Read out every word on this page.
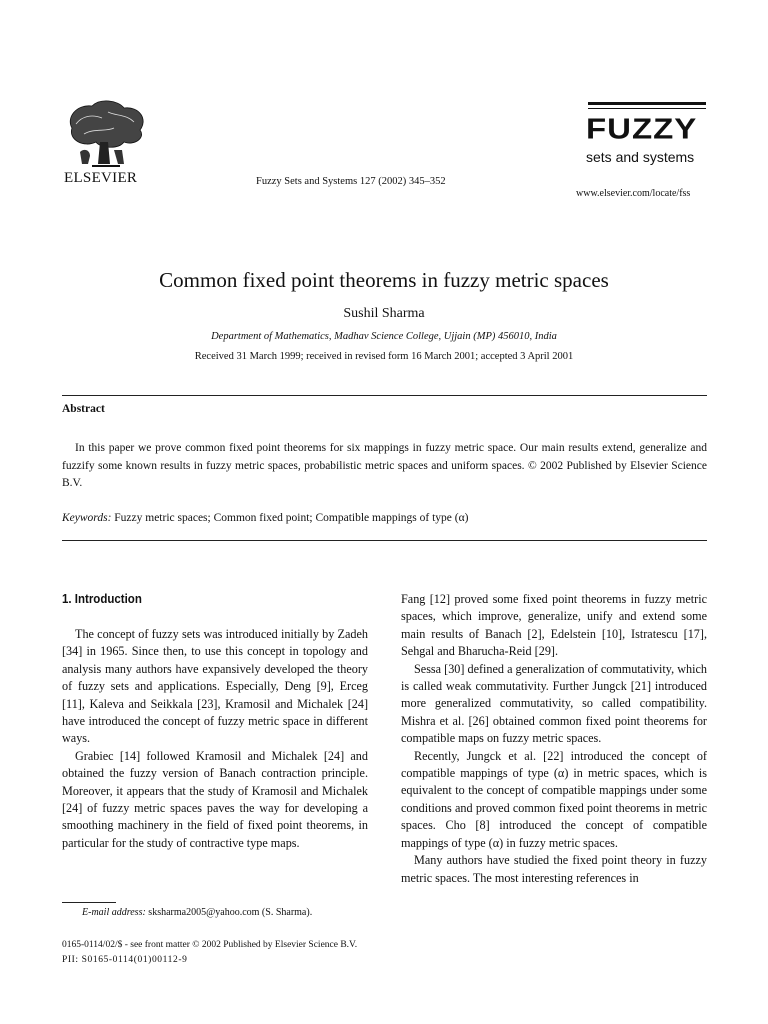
ELSEVIER	Fuzzy Sets and Systems 127 (2002) 345–352
FUZZY
sets and systems
www.elsevier.com/locate/fss
Common fixed point theorems in fuzzy metric spaces
Sushil Sharma
Department of Mathematics, Madhav Science College, Ujjain (MP) 456010, India
Received 31 March 1999; received in revised form 16 March 2001; accepted 3 April 2001
Abstract
In this paper we prove common fixed point theorems for six mappings in fuzzy metric space. Our main results extend, generalize and fuzzify some known results in fuzzy metric spaces, probabilistic metric spaces and uniform spaces. © 2002 Published by Elsevier Science B.V.
Keywords: Fuzzy metric spaces; Common fixed point; Compatible mappings of type (α)
1. Introduction

The concept of fuzzy sets was introduced initially by Zadeh [34] in 1965. Since then, to use this concept in topology and analysis many authors have expansively developed the theory of fuzzy sets and applications. Especially, Deng [9], Erceg [11], Kaleva and Seikkala [23], Kramosil and Michalek [24] have introduced the concept of fuzzy metric space in different ways.

Grabiec [14] followed Kramosil and Michalek [24] and obtained the fuzzy version of Banach contraction principle. Moreover, it appears that the study of Kramosil and Michalek [24] of fuzzy metric spaces paves the way for developing a smoothing machinery in the field of fixed point theorems, in particular for the study of contractive type maps.

Fang [12] proved some fixed point theorems in fuzzy metric spaces, which improve, generalize, unify and extend some main results of Banach [2], Edelstein [10], Istratescu [17], Sehgal and Bharucha-Reid [29].

Sessa [30] defined a generalization of commutativity, which is called weak commutativity. Further Jungck [21] introduced more generalized commutativity, so called compatibility. Mishra et al. [26] obtained common fixed point theorems for compatible maps on fuzzy metric spaces.

Recently, Jungck et al. [22] introduced the concept of compatible mappings of type (α) in metric spaces, which is equivalent to the concept of compatible mappings under some conditions and proved common fixed point theorems in metric spaces. Cho [8] introduced the concept of compatible mappings of type (α) in fuzzy metric spaces.

Many authors have studied the fixed point theory in fuzzy metric spaces. The most interesting references in

E-mail address: sksharma2005@yahoo.com (S. Sharma).
0165-0114/02/$ - see front matter © 2002 Published by Elsevier Science B.V.
PII: S0165-0114(01)00112-9
